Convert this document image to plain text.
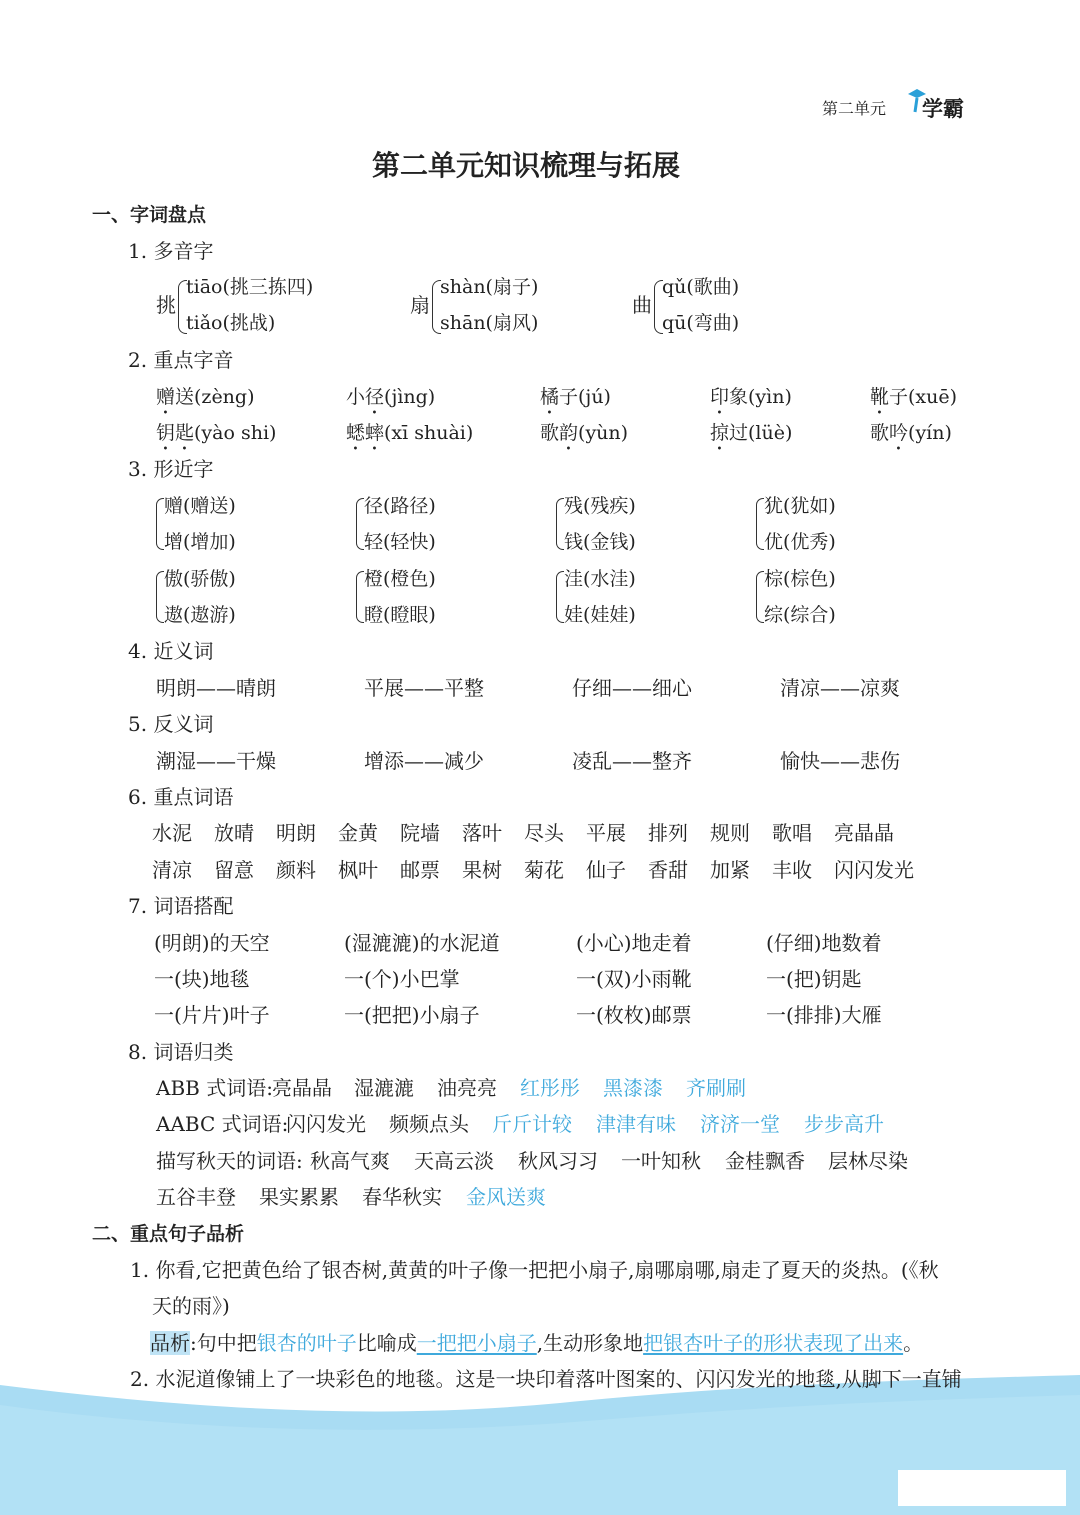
第二单元 学霸
第二单元知识梳理与拓展
一、字词盘点
1. 多音字
挑
tiāo(挑三拣四)
tiǎo(挑战)
扇
shàn(扇子)
shān(扇风)
曲
qǔ(歌曲)
qū(弯曲)
2. 重点字音
赠送(zèng)	小径(jìng)	橘子(jú)	印象(yìn)	靴子(xuē)
钥匙(yào shi)	蟋蟀(xī shuài)	歌韵(yùn)	掠过(lüè)	歌吟(yín)
3. 形近字
赠(赠送)
增(增加)
径(路径)
轻(轻快)
残(残疾)
钱(金钱)
犹(犹如)
优(优秀)
傲(骄傲)
遨(遨游)
橙(橙色)
瞪(瞪眼)
洼(水洼)
娃(娃娃)
棕(棕色)
综(综合)
4. 近义词
明朗——晴朗	平展——平整	仔细——细心	清凉——凉爽
5. 反义词
潮湿——干燥	增添——减少	凌乱——整齐	愉快——悲伤
6. 重点词语
水泥 放晴 明朗 金黄 院墙 落叶 尽头 平展 排列 规则 歌唱 亮晶晶
清凉 留意 颜料 枫叶 邮票 果树 菊花 仙子 香甜 加紧 丰收 闪闪发光
7. 词语搭配
(明朗)的天空	(湿漉漉)的水泥道	(小心)地走着	(仔细)地数着
一(块)地毯	一(个)小巴掌	一(双)小雨靴	一(把)钥匙
一(片片)叶子	一(把把)小扇子	一(枚枚)邮票	一(排排)大雁
8. 词语归类
ABB 式词语: 亮晶晶 湿漉漉 油亮亮 红彤彤 黑漆漆 齐刷刷
AABC 式词语:
闪闪发光 频频点头 斤斤计较 津津有味 济济一堂 步步高升
描写秋天的词语: 秋高气爽 天高云淡 秋风习习 一叶知秋 金桂飘香 层林尽染
五谷丰登 果实累累 春华秋实 金风送爽
二、重点句子品析
1. 你看,它把黄色给了银杏树,黄黄的叶子像一把把小扇子,扇哪扇哪,扇走了夏天的炎热。(《秋
天的雨》)
品析:句中把银杏的叶子比喻成一把把小扇子,生动形象地把银杏叶子的形状表现了出来。
2. 水泥道像铺上了一块彩色的地毯。这是一块印着落叶图案的、闪闪发光的地毯,从脚下一直铺
